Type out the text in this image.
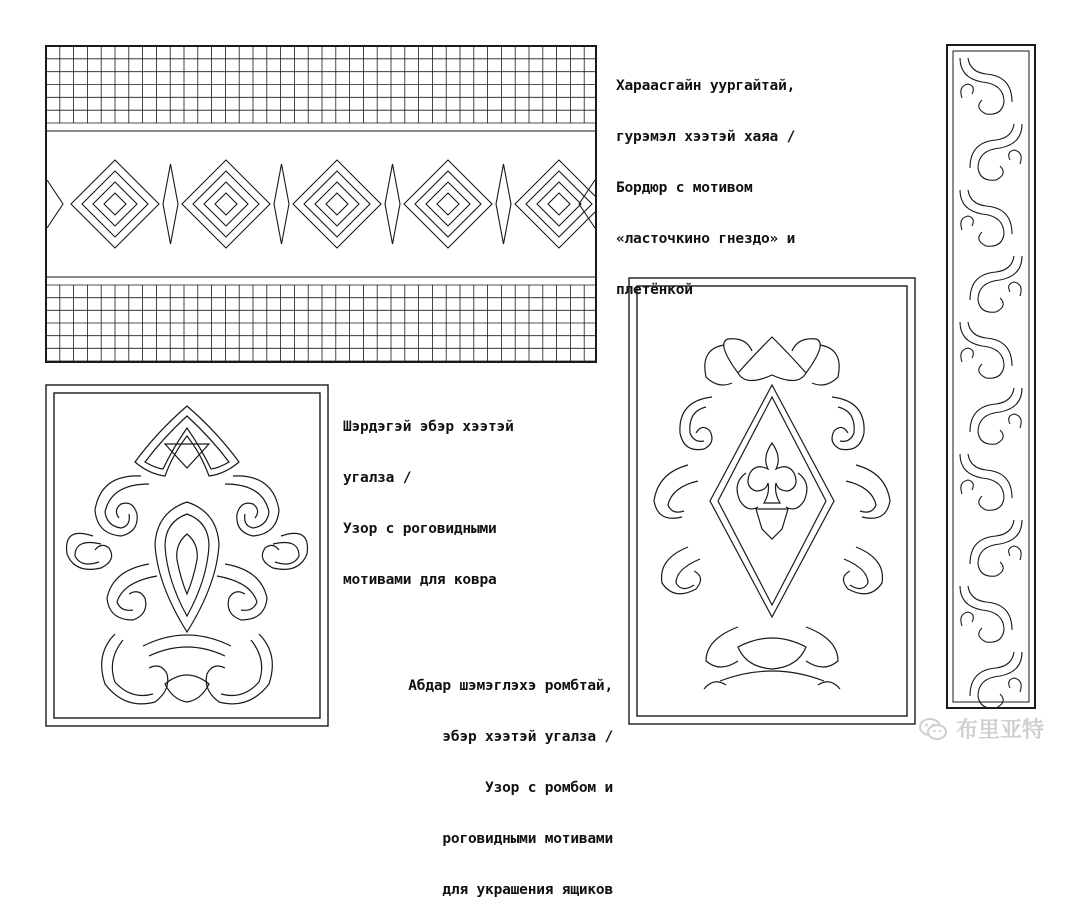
Хараасгайн уургайтай,

гурэмэл хээтэй хаяа /

Бордюр с мотивом

«ласточкино гнездо» и

плетёнкой

Шэрдэгэй эбэр хээтэй

угалза /

Узор с роговидными

мотивами для ковра

Абдар шэмэглэхэ ромбтай,

эбэр хээтэй угалза /

Узор с ромбом и

роговидными мотивами

для украшения ящиков

布里亚特
